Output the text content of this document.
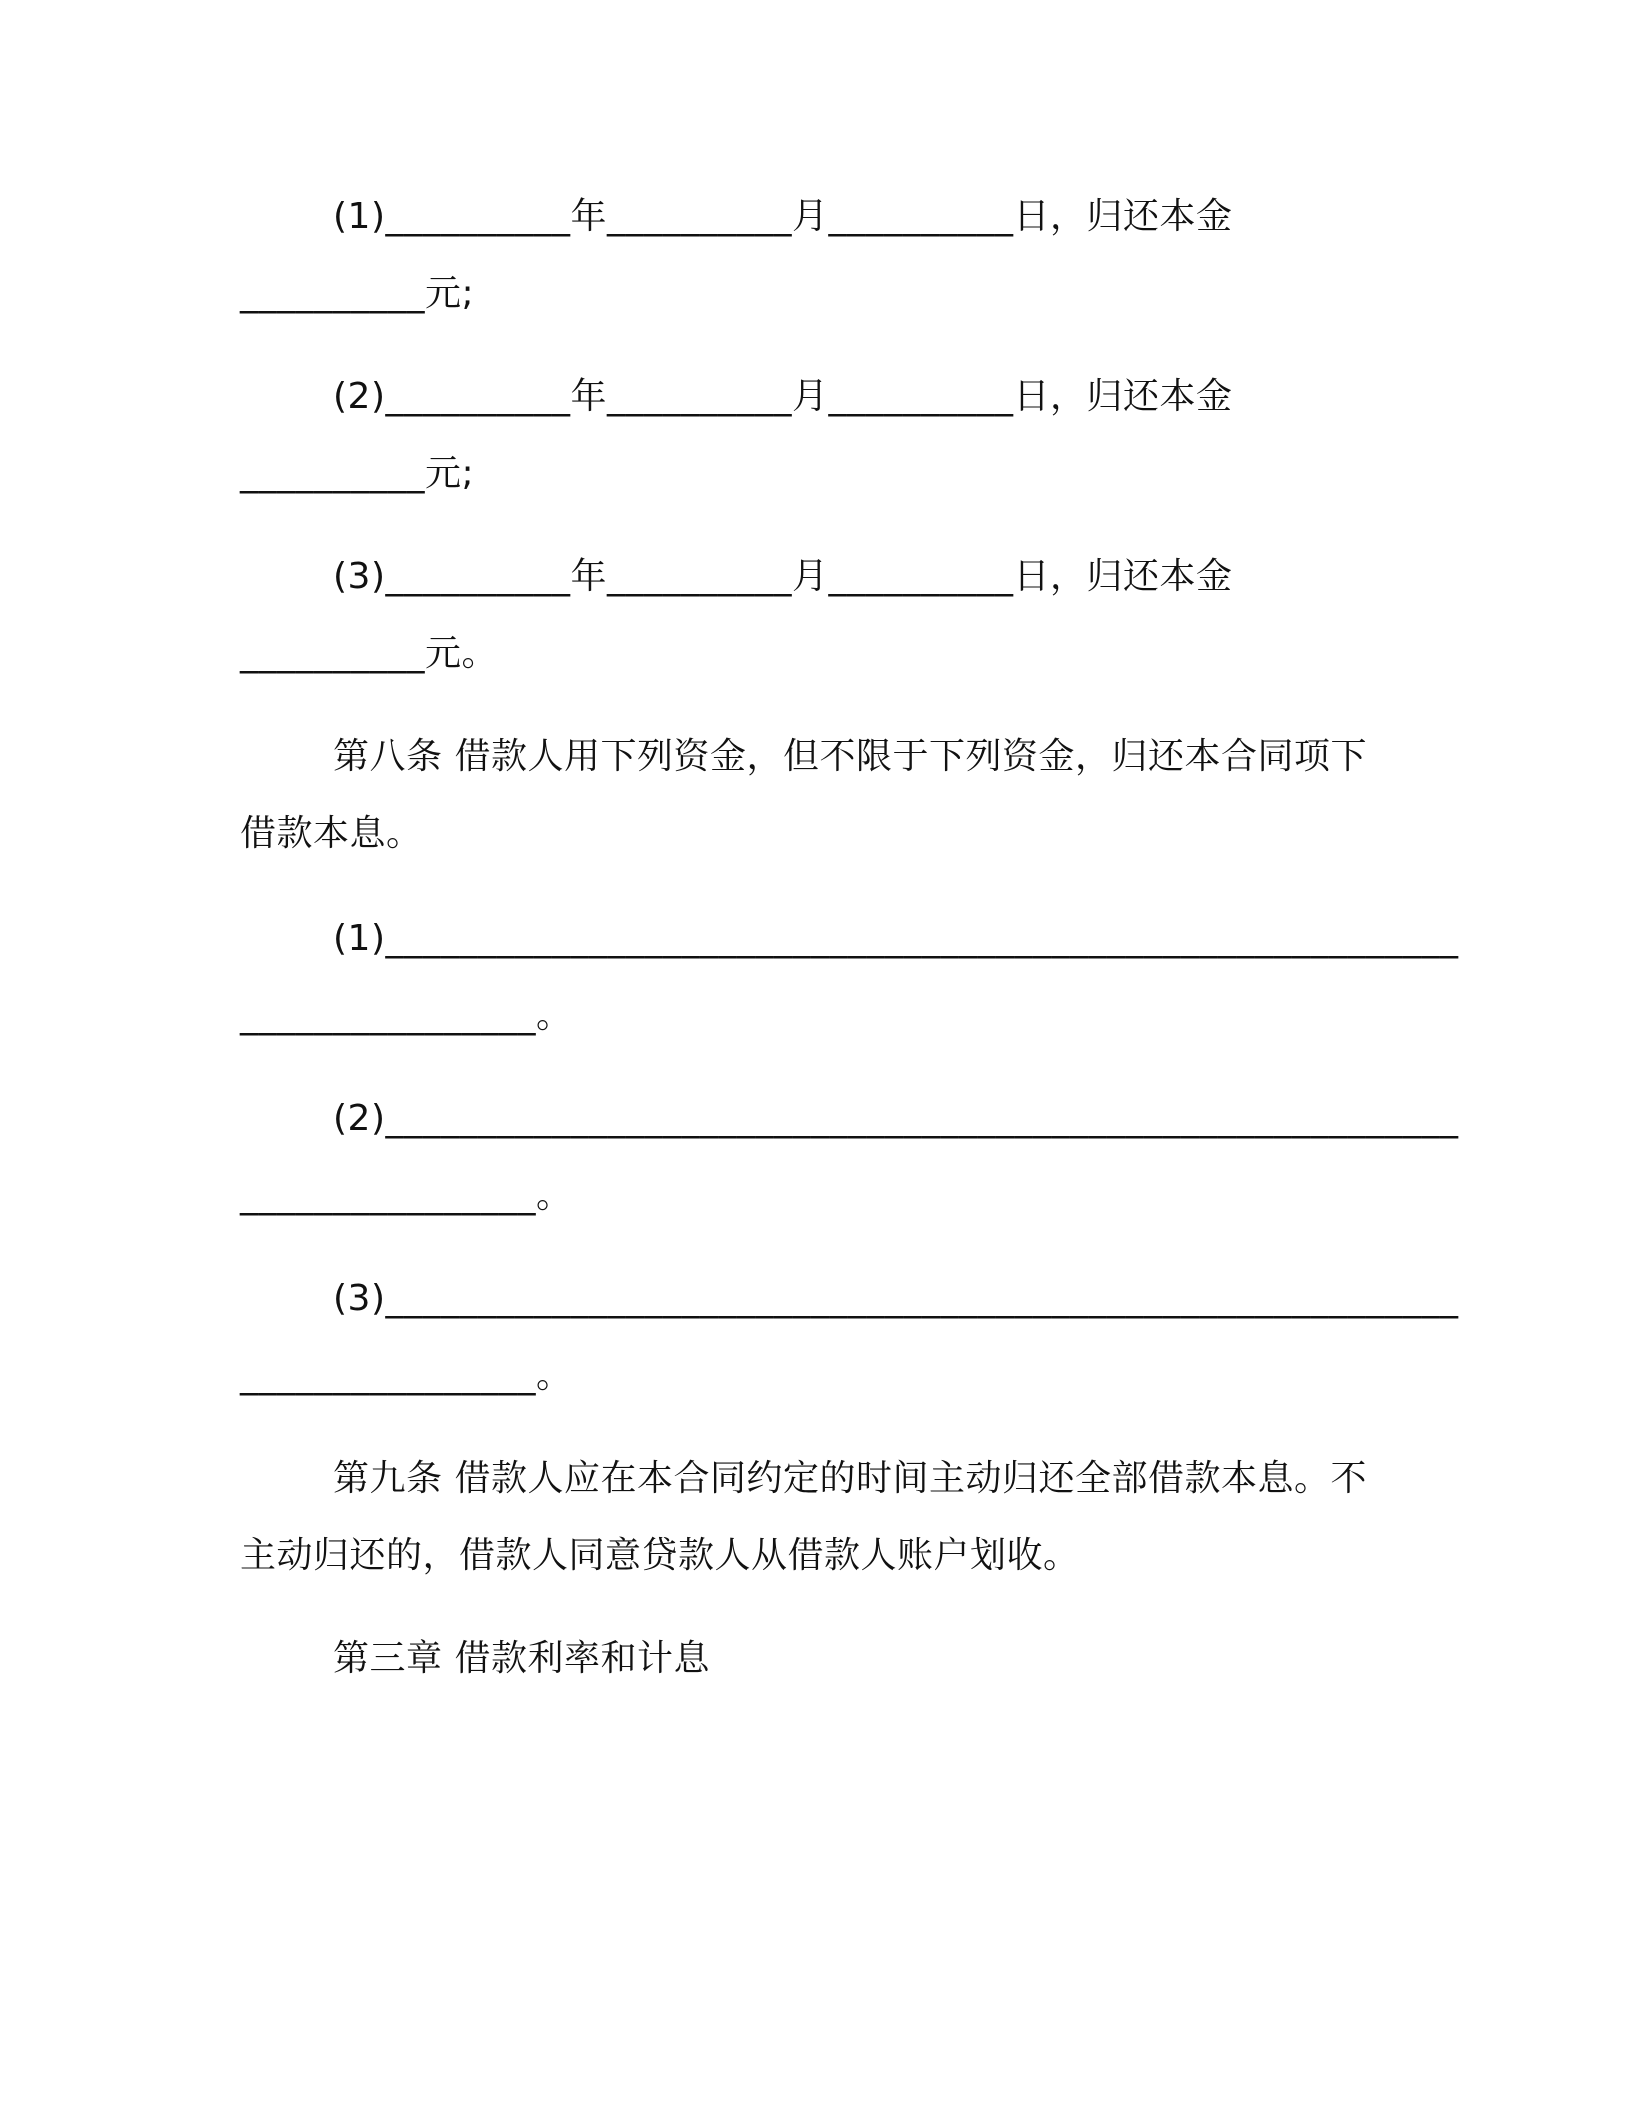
(1)__________年__________月__________日，归还本金
__________元;
(2)__________年__________月__________日，归还本金
__________元;
(3)__________年__________月__________日，归还本金
__________元。
第八条 借款人用下列资金，但不限于下列资金，归还本合同项下
借款本息。
(1)__________________________________________________________
________________。
(2)__________________________________________________________
________________。
(3)__________________________________________________________
________________。
第九条 借款人应在本合同约定的时间主动归还全部借款本息。不
主动归还的，借款人同意贷款人从借款人账户划收。
第三章 借款利率和计息
